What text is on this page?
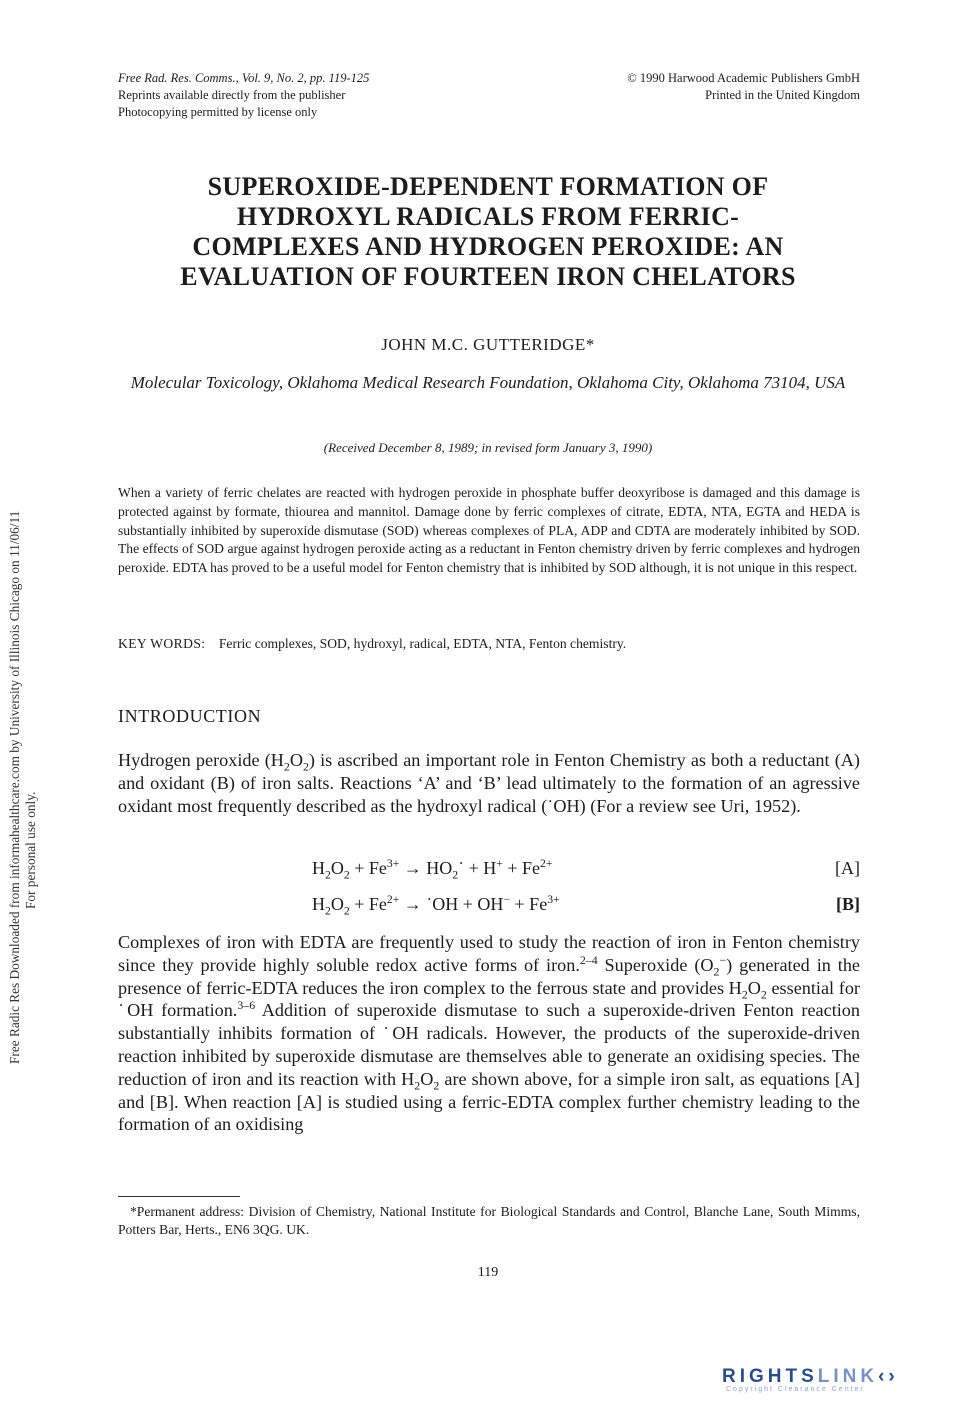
Free Rad. Res. Comms., Vol. 9, No. 2, pp. 119-125
Reprints available directly from the publisher
Photocopying permitted by license only
© 1990 Harwood Academic Publishers GmbH
Printed in the United Kingdom
SUPEROXIDE-DEPENDENT FORMATION OF
HYDROXYL RADICALS FROM FERRIC-
COMPLEXES AND HYDROGEN PEROXIDE: AN
EVALUATION OF FOURTEEN IRON CHELATORS
JOHN M.C. GUTTERIDGE*
Molecular Toxicology, Oklahoma Medical Research Foundation, Oklahoma City, Oklahoma 73104, USA
(Received December 8, 1989; in revised form January 3, 1990)
When a variety of ferric chelates are reacted with hydrogen peroxide in phosphate buffer deoxyribose is damaged and this damage is protected against by formate, thiourea and mannitol. Damage done by ferric complexes of citrate, EDTA, NTA, EGTA and HEDA is substantially inhibited by superoxide dismutase (SOD) whereas complexes of PLA, ADP and CDTA are moderately inhibited by SOD. The effects of SOD argue against hydrogen peroxide acting as a reductant in Fenton chemistry driven by ferric complexes and hydrogen peroxide. EDTA has proved to be a useful model for Fenton chemistry that is inhibited by SOD although, it is not unique in this respect.
KEY WORDS: Ferric complexes, SOD, hydroxyl, radical, EDTA, NTA, Fenton chemistry.
INTRODUCTION
Hydrogen peroxide $(H_2O_2)$ is ascribed an important role in Fenton Chemistry as both a reductant (A) and oxidant (B) of iron salts. Reactions ‘A’ and ‘B’ lead ultimately to the formation of an agressive oxidant most frequently described as the hydroxyl radical (˙OH) (For a review see Uri, 1952).
$H_2O_2 + Fe^{3+}$ → $HO_2˙ + H^+ + Fe^{2+}$	[A]
$H_2O_2 + Fe^{2+}$ → ˙OH + $OH^- + Fe^{3+}$	[B]
Complexes of iron with EDTA are frequently used to study the reaction of iron in Fenton chemistry since they provide highly soluble redox active forms of iron.$^{2-4}$ Superoxide $(O_2^-)$ generated in the presence of ferric-EDTA reduces the iron complex to the ferrous state and provides $H_2O_2$ essential for ˙OH formation.$^{3-6}$ Addition of superoxide dismutase to such a superoxide-driven Fenton reaction substantially inhibits formation of ˙OH radicals. However, the products of the superoxide-driven reaction inhibited by superoxide dismutase are themselves able to generate an oxidising species. The reduction of iron and its reaction with $H_2O_2$ are shown above, for a simple iron salt, as equations [A] and [B]. When reaction [A] is studied using a ferric-EDTA complex further chemistry leading to the formation of an oxidising
*Permanent address: Division of Chemistry, National Institute for Biological Standards and Control, Blanche Lane, South Mimms, Potters Bar, Herts., EN6 3QG. UK.
119
Free Radic Res Downloaded from informahealthcare.com by University of Illinois Chicago on 11/06/11 For personal use only.
RIGHTSLINK‹›
Copyright Clearance Center
